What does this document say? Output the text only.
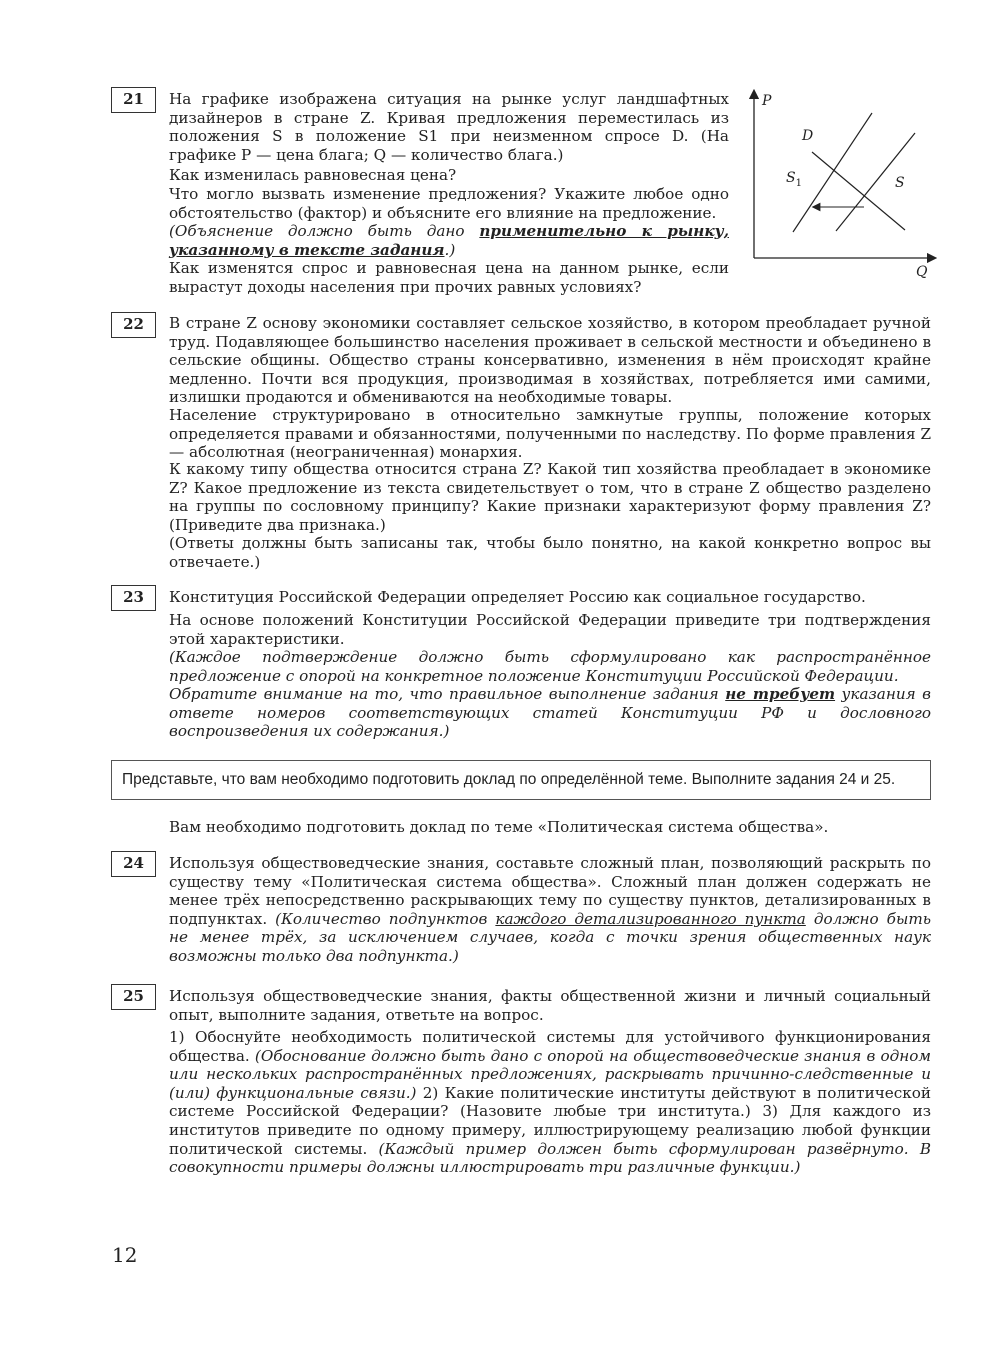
21	На графике изображена ситуация на рынке услуг ландшафтных дизайнеров в стране Z. Кривая предложения переместилась из положения S в положение S1 при неизменном спросе D. (На графике P — цена блага; Q — количество блага.)

Как изменилась равновесная цена?

Что могло вызвать изменение предложения? Укажите любое одно обстоятельство (фактор) и объясните его влияние на предложение.

(Объяснение должно быть дано применительно к рынку, указанному в тексте задания.)

Как изменятся спрос и равновесная цена на данном рынке, если вырастут доходы населения при прочих равных условиях?

P
Q
D
$S_1$	S
22	В стране Z основу экономики составляет сельское хозяйство, в котором преобладает ручной труд. Подавляющее большинство населения проживает в сельской местности и объединено в сельские общины. Общество страны консервативно, изменения в нём происходят крайне медленно. Почти вся продукция, производимая в хозяйствах, потребляется ими самими, излишки продаются и обмениваются на необходимые товары.

Население структурировано в относительно замкнутые группы, положение которых определяется правами и обязанностями, полученными по наследству. По форме правления Z — абсолютная (неограниченная) монархия.

К какому типу общества относится страна Z? Какой тип хозяйства преобладает в экономике Z? Какое предложение из текста свидетельствует о том, что в стране Z общество разделено на группы по сословному принципу? Какие признаки характеризуют форму правления Z? (Приведите два признака.)

(Ответы должны быть записаны так, чтобы было понятно, на какой конкретно вопрос вы отвечаете.)

23	Конституция Российской Федерации определяет Россию как социальное государство.

На основе положений Конституции Российской Федерации приведите три подтверждения этой характеристики.

(Каждое подтверждение должно быть сформулировано как распространённое предложение с опорой на конкретное положение Конституции Российской Федерации.

Обратите внимание на то, что правильное выполнение задания не требует указания в ответе номеров соответствующих статей Конституции РФ и дословного воспроизведения их содержания.)

Представьте, что вам необходимо подготовить доклад по определённой теме. Выполните задания 24 и 25.

Вам необходимо подготовить доклад по теме «Политическая система общества».

24	Используя обществоведческие знания, составьте сложный план, позволяющий раскрыть по существу тему «Политическая система общества». Сложный план должен содержать не менее трёх непосредственно раскрывающих тему по существу пунктов, детализированных в подпунктах. (Количество подпунктов каждого детализированного пункта должно быть не менее трёх, за исключением случаев, когда с точки зрения общественных наук возможны только два подпункта.)

25	Используя обществоведческие знания, факты общественной жизни и личный социальный опыт, выполните задания, ответьте на вопрос.

1) Обоснуйте необходимость политической системы для устойчивого функционирования общества. (Обоснование должно быть дано с опорой на обществоведческие знания в одном или нескольких распространённых предложениях, раскрывать причинно-следственные и (или) функциональные связи.) 2) Какие политические институты действуют в политической системе Российской Федерации? (Назовите любые три института.) 3) Для каждого из институтов приведите по одному примеру, иллюстрирующему реализацию любой функции политической системы. (Каждый пример должен быть сформулирован развёрнуто. В совокупности примеры должны иллюстрировать три различные функции.)

12
